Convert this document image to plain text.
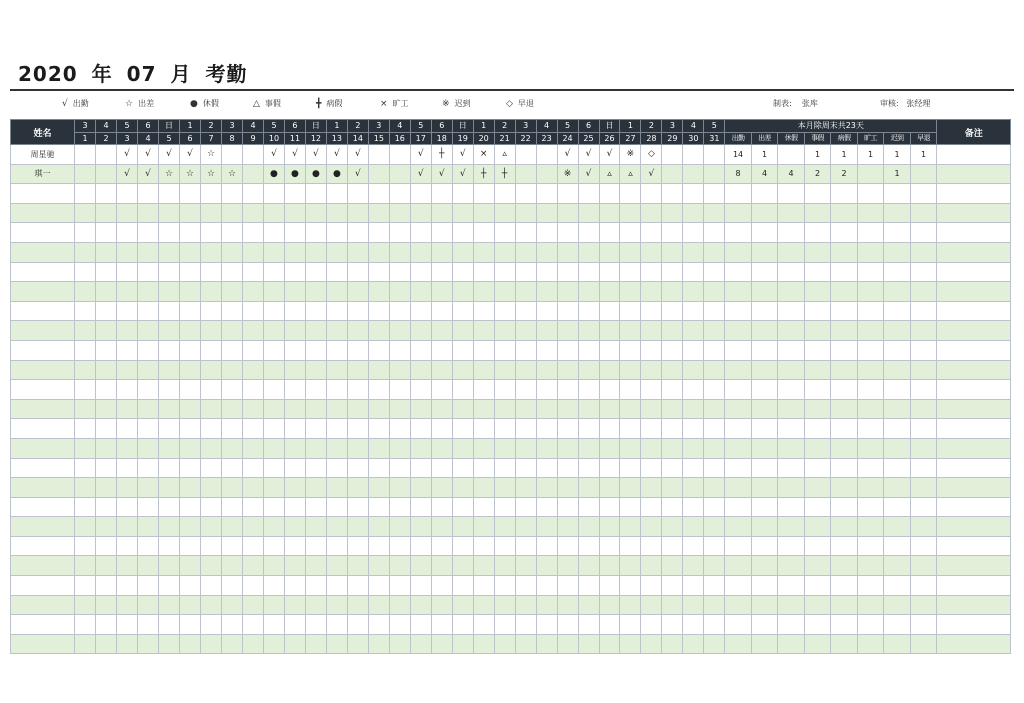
2020 年 07 月 考勤
√ 出勤	☆ 出差	● 休假	△ 事假	╋ 病假	× 旷工	※ 迟到	◇ 早退	制表: 张库	审核: 张经理
姓名	3	4	5	6	日	1	2	3	4	5	6	日	1	2	3	4	5	6	日	1	2	3	4	5	6	日	1	2	3	4	5	本月除周末共23天								备注
	1	2	3	4	5	6	7	8	9	10	11	12	13	14	15	16	17	18	19	20	21	22	23	24	25	26	27	28	29	30	31	出勤	出差	休假	事假	病假	旷工	迟到	早退	
周星驰			√	√	√	√	☆			√	√	√	√	√			√	┼	√	×	▵			√	√	√	※	◇				14	1		1	1	1	1	1	
琪一			√	√	☆	☆	☆	☆		●	●	●	●	√			√	√	√	┼	┼			※	√	▵	▵	√				8	4	4	2	2		1		
